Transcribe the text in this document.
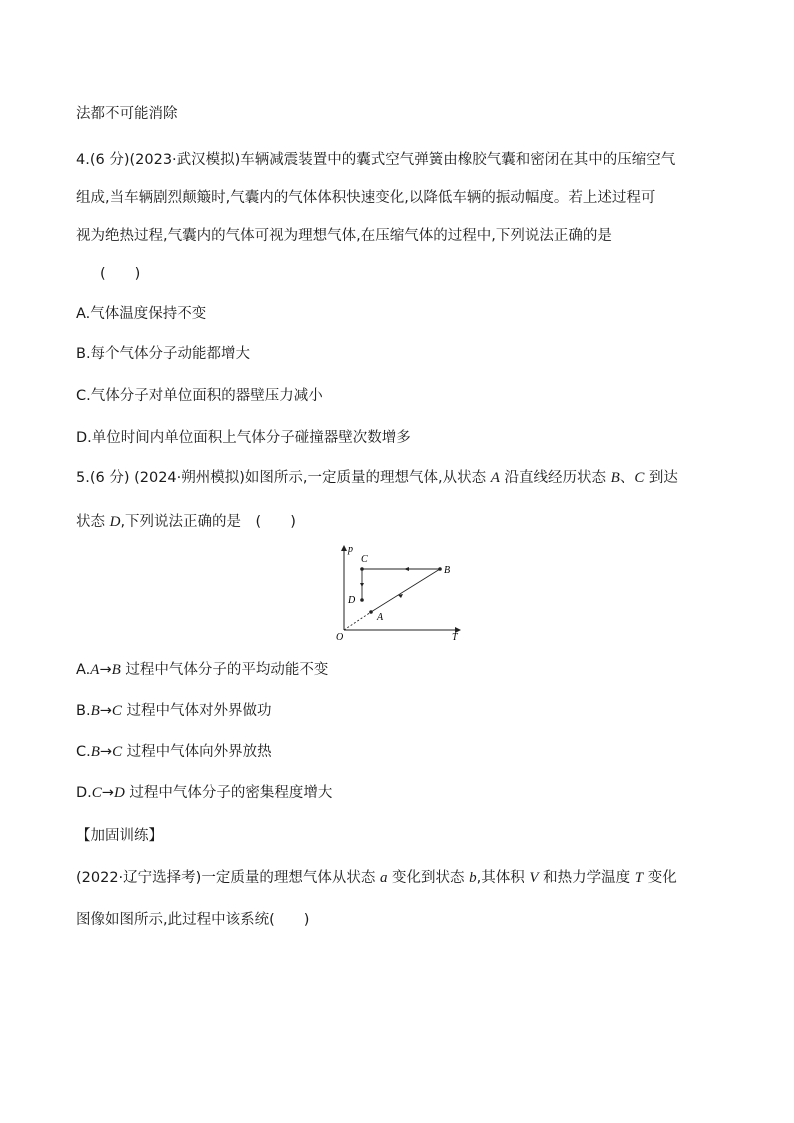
法都不可能消除
4.(6 分)(2023·武汉模拟)车辆减震装置中的囊式空气弹簧由橡胶气囊和密闭在其中的压缩空气
组成,当车辆剧烈颠簸时,气囊内的气体体积快速变化,以降低车辆的振动幅度。若上述过程可
视为绝热过程,气囊内的气体可视为理想气体,在压缩气体的过程中,下列说法正确的是
(　　)
A.气体温度保持不变
B.每个气体分子动能都增大
C.气体分子对单位面积的器壁压力减小
D.单位时间内单位面积上气体分子碰撞器壁次数增多
5.(6 分) (2024·朔州模拟)如图所示,一定质量的理想气体,从状态 A 沿直线经历状态 B、C 到达
状态 D,下列说法正确的是　(　　)
p
T
O
A
B
C
D
A.A→B 过程中气体分子的平均动能不变
B.B→C 过程中气体对外界做功
C.B→C 过程中气体向外界放热
D.C→D 过程中气体分子的密集程度增大
【加固训练】
(2022·辽宁选择考)一定质量的理想气体从状态 a 变化到状态 b,其体积 V 和热力学温度 T 变化
图像如图所示,此过程中该系统(　　)
